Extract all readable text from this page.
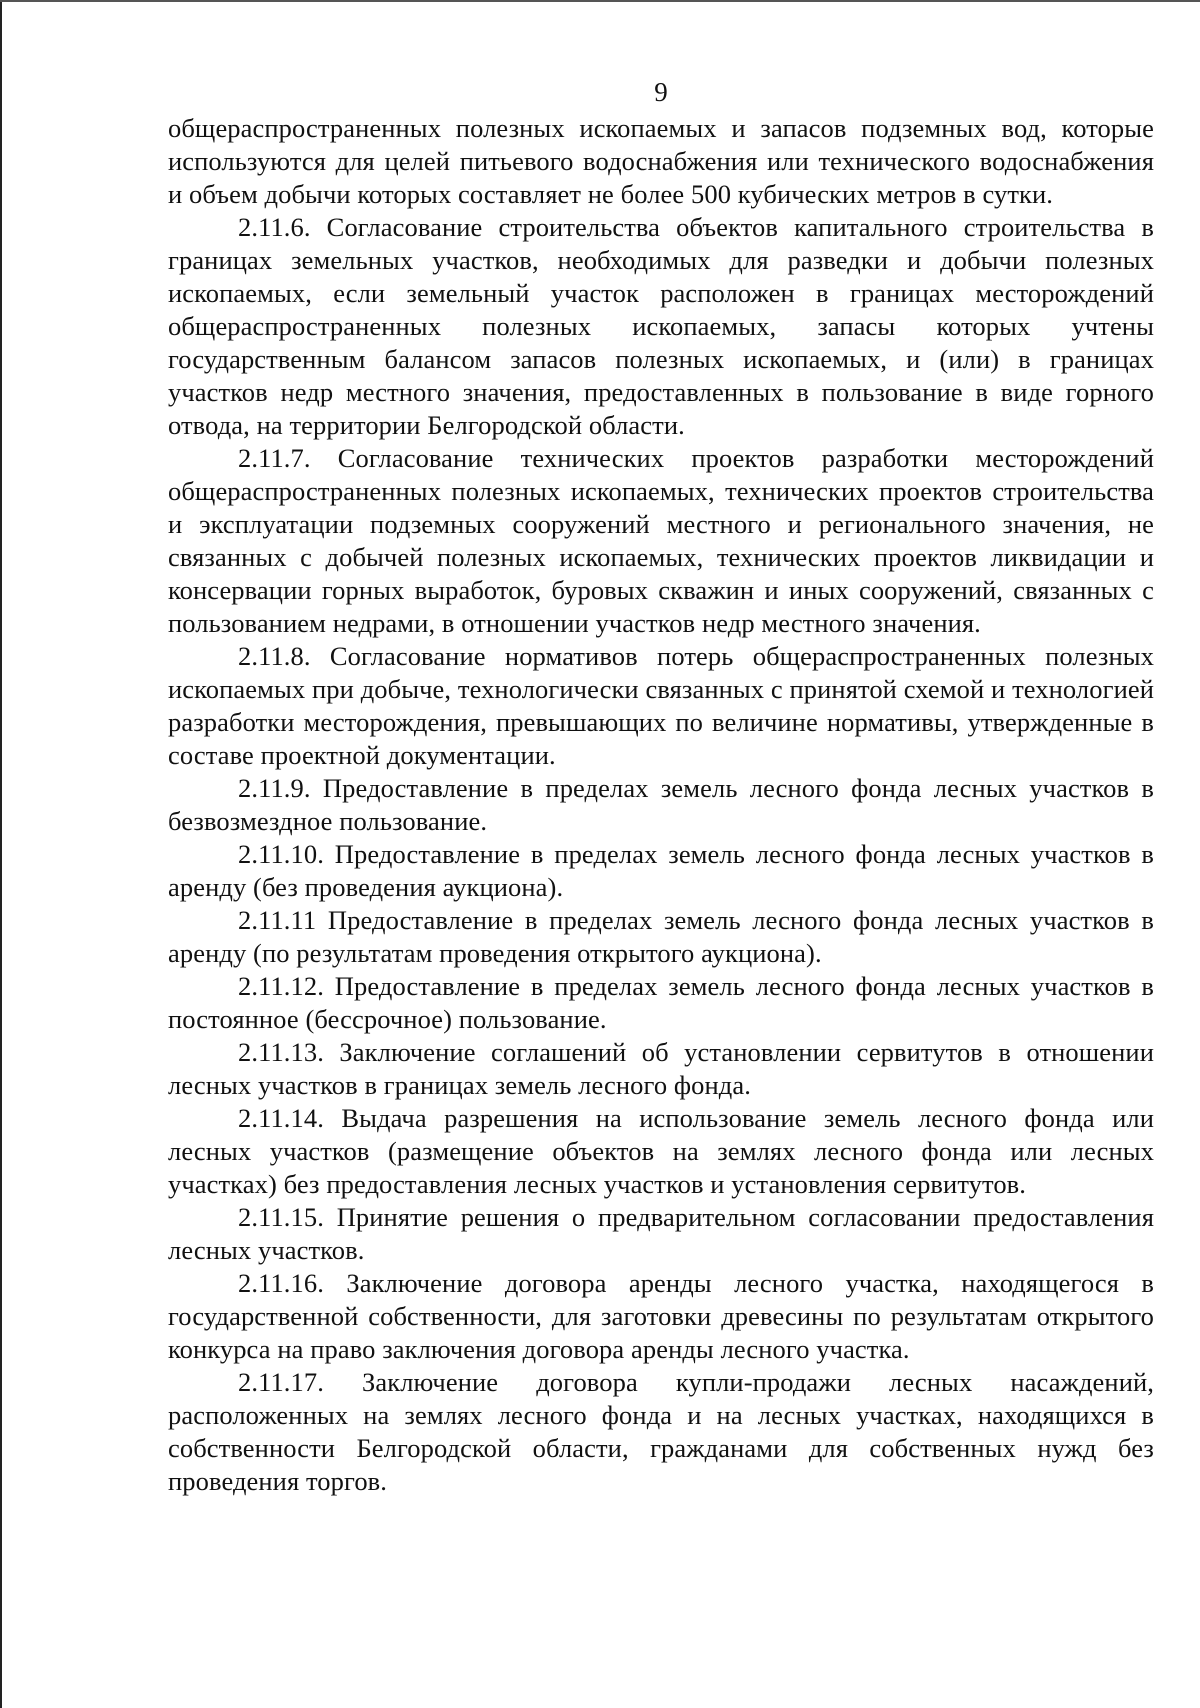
9

общераспространенных полезных ископаемых и запасов подземных вод, которые используются для целей питьевого водоснабжения или технического водоснабжения и объем добычи которых составляет не более 500 кубических метров в сутки.

2.11.6. Согласование строительства объектов капитального строительства в границах земельных участков, необходимых для разведки и добычи полезных ископаемых, если земельный участок расположен в границах месторождений общераспространенных полезных ископаемых, запасы которых учтены государственным балансом запасов полезных ископаемых, и (или) в границах участков недр местного значения, предоставленных в пользование в виде горного отвода, на территории Белгородской области.

2.11.7. Согласование технических проектов разработки месторождений общераспространенных полезных ископаемых, технических проектов строительства и эксплуатации подземных сооружений местного и регионального значения, не связанных с добычей полезных ископаемых, технических проектов ликвидации и консервации горных выработок, буровых скважин и иных сооружений, связанных с пользованием недрами, в отношении участков недр местного значения.

2.11.8. Согласование нормативов потерь общераспространенных полезных ископаемых при добыче, технологически связанных с принятой схемой и технологией разработки месторождения, превышающих по величине нормативы, утвержденные в составе проектной документации.

2.11.9. Предоставление в пределах земель лесного фонда лесных участков в безвозмездное пользование.

2.11.10. Предоставление в пределах земель лесного фонда лесных участков в аренду (без проведения аукциона).

2.11.11 Предоставление в пределах земель лесного фонда лесных участков в аренду (по результатам проведения открытого аукциона).

2.11.12. Предоставление в пределах земель лесного фонда лесных участков в постоянное (бессрочное) пользование.

2.11.13. Заключение соглашений об установлении сервитутов в отношении лесных участков в границах земель лесного фонда.

2.11.14. Выдача разрешения на использование земель лесного фонда или лесных участков (размещение объектов на землях лесного фонда или лесных участках) без предоставления лесных участков и установления сервитутов.

2.11.15. Принятие решения о предварительном согласовании предоставления лесных участков.

2.11.16. Заключение договора аренды лесного участка, находящегося в государственной собственности, для заготовки древесины по результатам открытого конкурса на право заключения договора аренды лесного участка.

2.11.17. Заключение договора купли-продажи лесных насаждений, расположенных на землях лесного фонда и на лесных участках, находящихся в собственности Белгородской области, гражданами для собственных нужд без проведения торгов.
